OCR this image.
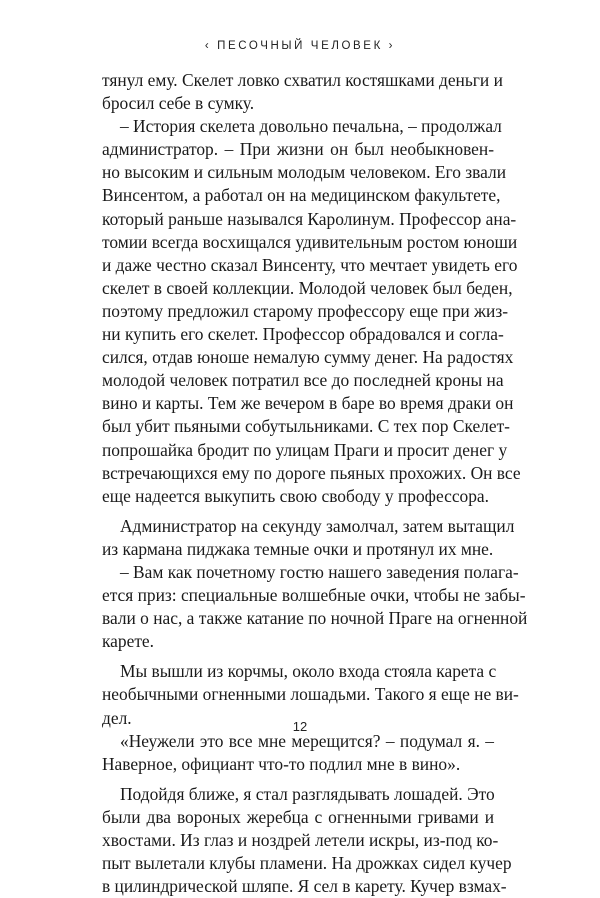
‹ ПЕСОЧНЫЙ ЧЕЛОВЕК ›
тянул ему. Скелет ловко схватил костяшками деньги и
бросил себе в сумку.
– История скелета довольно печальна, – продолжал
администратор. – При жизни он был необыкновен-
но высоким и сильным молодым человеком. Его звали
Винсентом, а работал он на медицинском факультете,
который раньше назывался Каролинум. Профессор ана-
томии всегда восхищался удивительным ростом юноши
и даже честно сказал Винсенту, что мечтает увидеть его
скелет в своей коллекции. Молодой человек был беден,
поэтому предложил старому профессору еще при жиз-
ни купить его скелет. Профессор обрадовался и согла-
сился, отдав юноше немалую сумму денег. На радостях
молодой человек потратил все до последней кроны на
вино и карты. Тем же вечером в баре во время драки он
был убит пьяными собутыльниками. С тех пор Скелет-
попрошайка бродит по улицам Праги и просит денег у
встречающихся ему по дороге пьяных прохожих. Он все
еще надеется выкупить свою свободу у профессора.
Администратор на секунду замолчал, затем вытащил
из кармана пиджака темные очки и протянул их мне.
– Вам как почетному гостю нашего заведения полага-
ется приз: специальные волшебные очки, чтобы не забы-
вали о нас, а также катание по ночной Праге на огненной
карете.
Мы вышли из корчмы, около входа стояла карета с
необычными огненными лошадьми. Такого я еще не ви-
дел.
«Неужели это все мне мерещится? – подумал я. –
Наверное, официант что-то подлил мне в вино».
Подойдя ближе, я стал разглядывать лошадей. Это
были два вороных жеребца с огненными гривами и
хвостами. Из глаз и ноздрей летели искры, из-под ко-
пыт вылетали клубы пламени. На дрожках сидел кучер
в цилиндрической шляпе. Я сел в карету. Кучер взмах-
12
